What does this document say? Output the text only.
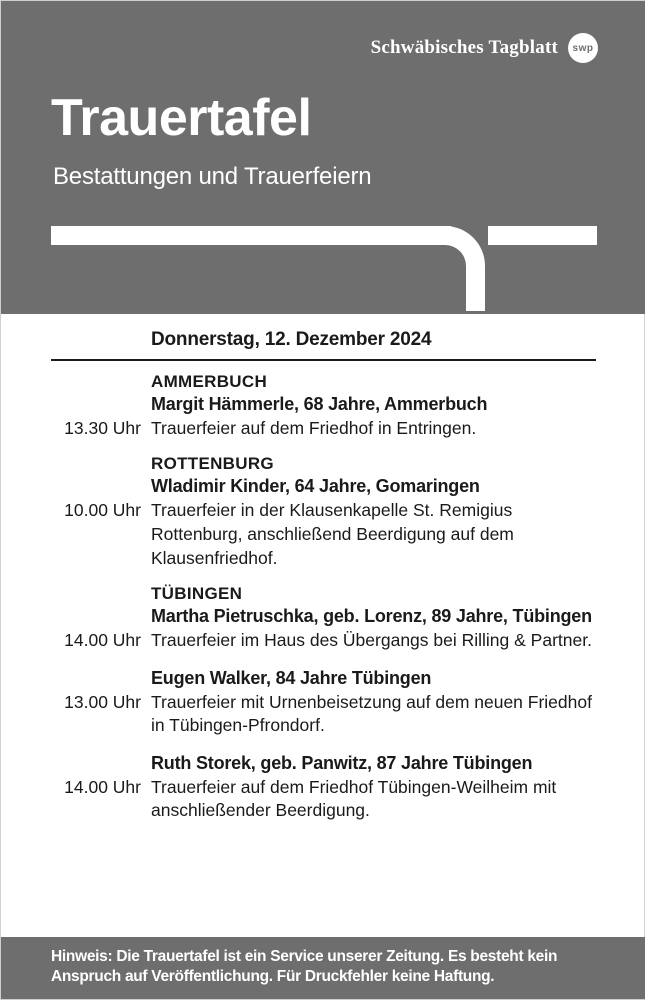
Schwäbisches Tagblatt	swp
Trauertafel
Bestattungen und Trauerfeiern
Donnerstag, 12. Dezember 2024
AMMERBUCH
Margit Hämmerle, 68 Jahre, Ammerbuch
13.30 Uhr Trauerfeier auf dem Friedhof in Entringen.
ROTTENBURG
Wladimir Kinder, 64 Jahre, Gomaringen
10.00 Uhr Trauerfeier in der Klausenkapelle St. Remigius Rottenburg, anschließend Beerdigung auf dem Klausenfriedhof.
TÜBINGEN
Martha Pietruschka, geb. Lorenz, 89 Jahre, Tübingen
14.00 Uhr Trauerfeier im Haus des Übergangs bei Rilling & Partner.
Eugen Walker, 84 Jahre Tübingen
13.00 Uhr Trauerfeier mit Urnenbeisetzung auf dem neuen Friedhof in Tübingen-Pfrondorf.
Ruth Storek, geb. Panwitz, 87 Jahre Tübingen
14.00 Uhr Trauerfeier auf dem Friedhof Tübingen-Weilheim mit anschließender Beerdigung.
Hinweis: Die Trauertafel ist ein Service unserer Zeitung. Es besteht kein Anspruch auf Veröffentlichung. Für Druckfehler keine Haftung.
